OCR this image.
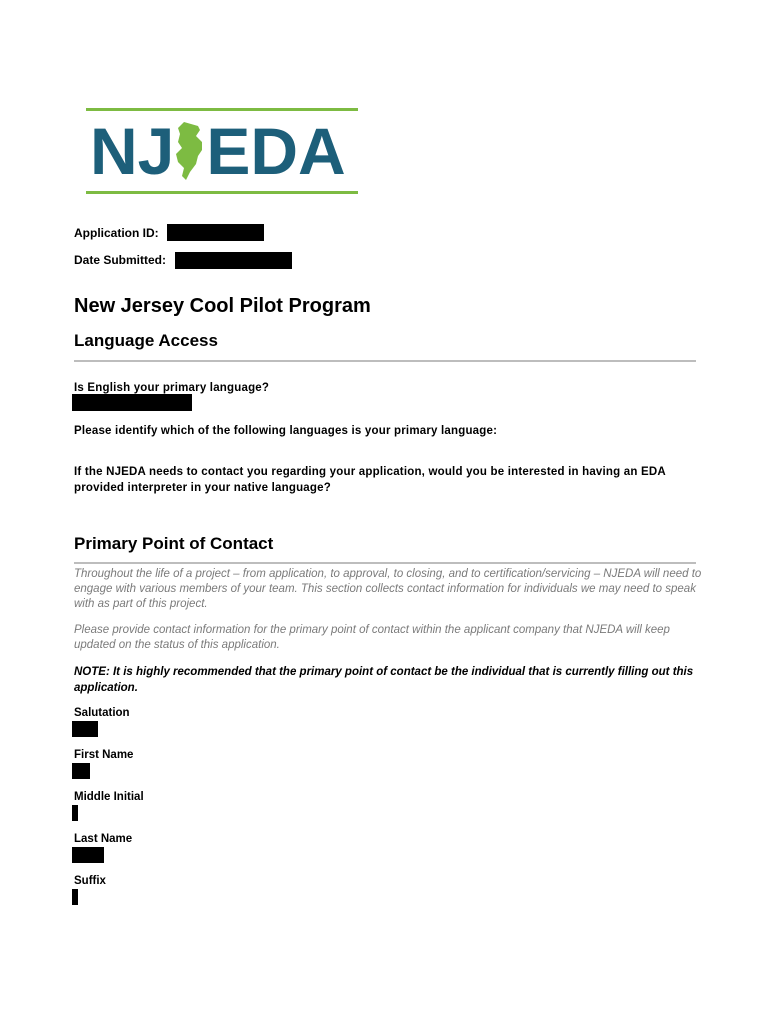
NJ EDA
Application ID:
Date Submitted:
New Jersey Cool Pilot Program
Language Access
Is English your primary language?
Please identify which of the following languages is your primary language:
If the NJEDA needs to contact you regarding your application, would you be interested in having an EDA provided interpreter in your native language?
Primary Point of Contact
Throughout the life of a project – from application, to approval, to closing, and to certification/servicing – NJEDA will need to engage with various members of your team. This section collects contact information for individuals we may need to speak with as part of this project.
Please provide contact information for the primary point of contact within the applicant company that NJEDA will keep updated on the status of this application.
NOTE: It is highly recommended that the primary point of contact be the individual that is currently filling out this application.
Salutation
First Name
Middle Initial
Last Name
Suffix
